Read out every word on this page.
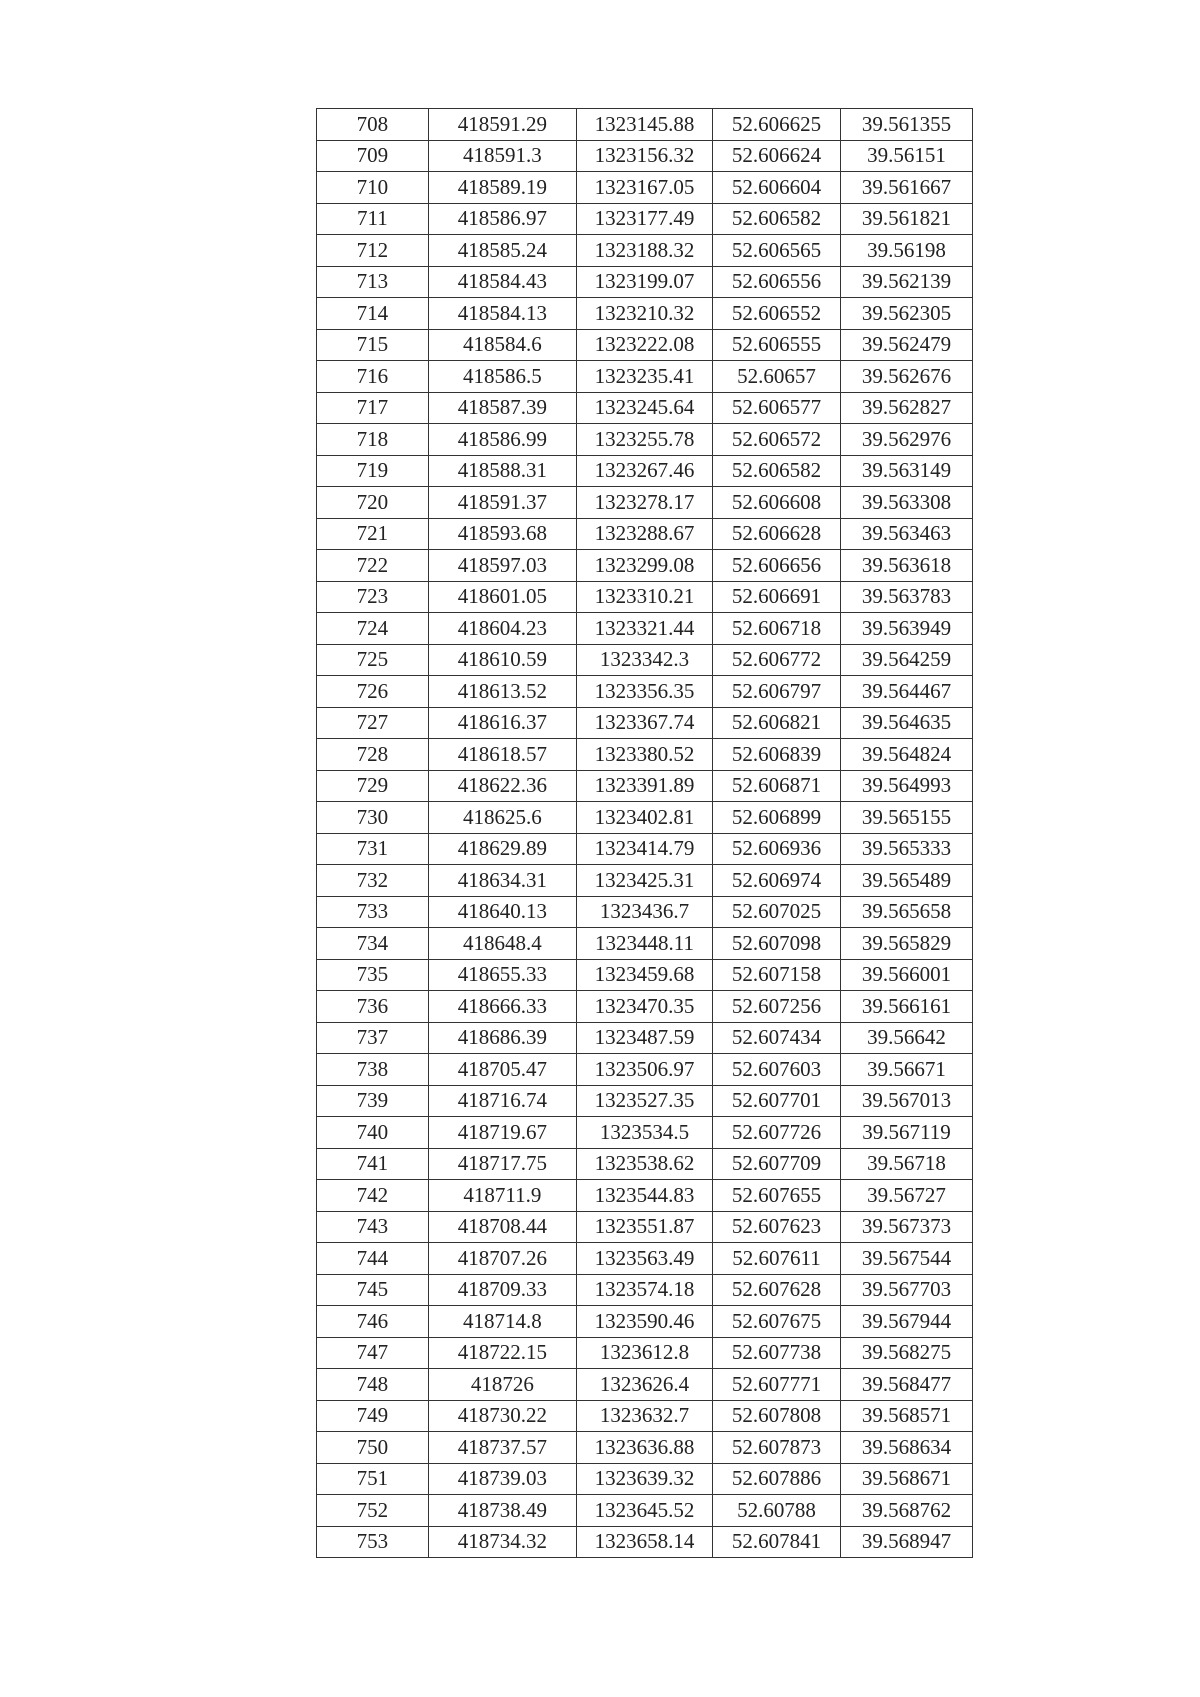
708	418591.29	1323145.88	52.606625	39.561355
709	418591.3	1323156.32	52.606624	39.56151
710	418589.19	1323167.05	52.606604	39.561667
711	418586.97	1323177.49	52.606582	39.561821
712	418585.24	1323188.32	52.606565	39.56198
713	418584.43	1323199.07	52.606556	39.562139
714	418584.13	1323210.32	52.606552	39.562305
715	418584.6	1323222.08	52.606555	39.562479
716	418586.5	1323235.41	52.60657	39.562676
717	418587.39	1323245.64	52.606577	39.562827
718	418586.99	1323255.78	52.606572	39.562976
719	418588.31	1323267.46	52.606582	39.563149
720	418591.37	1323278.17	52.606608	39.563308
721	418593.68	1323288.67	52.606628	39.563463
722	418597.03	1323299.08	52.606656	39.563618
723	418601.05	1323310.21	52.606691	39.563783
724	418604.23	1323321.44	52.606718	39.563949
725	418610.59	1323342.3	52.606772	39.564259
726	418613.52	1323356.35	52.606797	39.564467
727	418616.37	1323367.74	52.606821	39.564635
728	418618.57	1323380.52	52.606839	39.564824
729	418622.36	1323391.89	52.606871	39.564993
730	418625.6	1323402.81	52.606899	39.565155
731	418629.89	1323414.79	52.606936	39.565333
732	418634.31	1323425.31	52.606974	39.565489
733	418640.13	1323436.7	52.607025	39.565658
734	418648.4	1323448.11	52.607098	39.565829
735	418655.33	1323459.68	52.607158	39.566001
736	418666.33	1323470.35	52.607256	39.566161
737	418686.39	1323487.59	52.607434	39.56642
738	418705.47	1323506.97	52.607603	39.56671
739	418716.74	1323527.35	52.607701	39.567013
740	418719.67	1323534.5	52.607726	39.567119
741	418717.75	1323538.62	52.607709	39.56718
742	418711.9	1323544.83	52.607655	39.56727
743	418708.44	1323551.87	52.607623	39.567373
744	418707.26	1323563.49	52.607611	39.567544
745	418709.33	1323574.18	52.607628	39.567703
746	418714.8	1323590.46	52.607675	39.567944
747	418722.15	1323612.8	52.607738	39.568275
748	418726	1323626.4	52.607771	39.568477
749	418730.22	1323632.7	52.607808	39.568571
750	418737.57	1323636.88	52.607873	39.568634
751	418739.03	1323639.32	52.607886	39.568671
752	418738.49	1323645.52	52.60788	39.568762
753	418734.32	1323658.14	52.607841	39.568947
